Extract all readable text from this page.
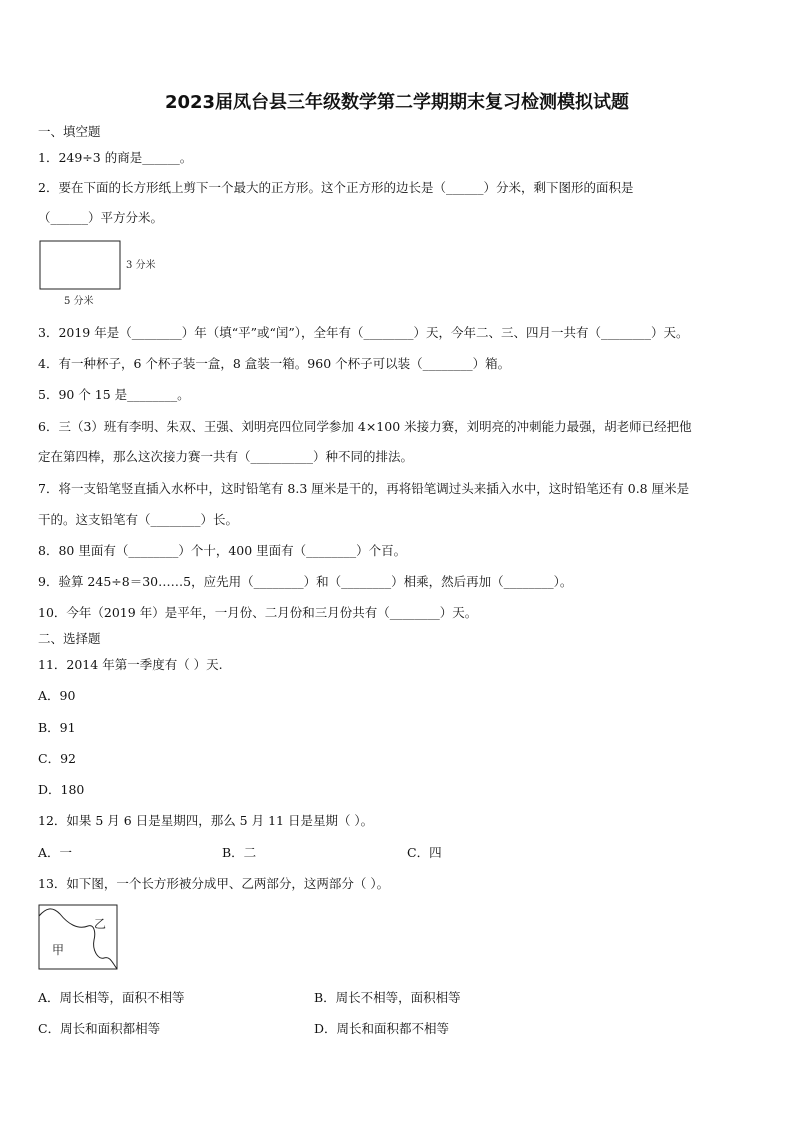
2023届凤台县三年级数学第二学期期末复习检测模拟试题
一、填空题
1．249÷3 的商是______。
2．要在下面的长方形纸上剪下一个最大的正方形。这个正方形的边长是（______）分米，剩下图形的面积是
（______）平方分米。
3 分米
5 分米
3．2019 年是（________）年（填“平”或“闰”），全年有（________）天，今年二、三、四月一共有（________）天。
4．有一种杯子，6 个杯子装一盒，8 盒装一箱。960 个杯子可以装（________）箱。
5．90 个 15 是________。
6．三（3）班有李明、朱双、王强、刘明亮四位同学参加 4×100 米接力赛，刘明亮的冲刺能力最强，胡老师已经把他
定在第四棒，那么这次接力赛一共有（__________）种不同的排法。
7．将一支铅笔竖直插入水杯中，这时铅笔有 8.3 厘米是干的，再将铅笔调过头来插入水中，这时铅笔还有 0.8 厘米是
干的。这支铅笔有（________）长。
8．80 里面有（________）个十，400 里面有（________）个百。
9．验算 245÷8＝30……5，应先用（________）和（________）相乘，然后再加（________）。
10．今年（2019 年）是平年，一月份、二月份和三月份共有（________）天。
二、选择题
11．2014 年第一季度有（ ）天.
A．90
B．91
C．92
D．180
12．如果 5 月 6 日是星期四，那么 5 月 11 日是星期（ ）。
A．一	B．二	C．四
13．如下图，一个长方形被分成甲、乙两部分，这两部分（ ）。
甲
乙
A．周长相等，面积不相等	B．周长不相等，面积相等
C．周长和面积都相等	D．周长和面积都不相等
